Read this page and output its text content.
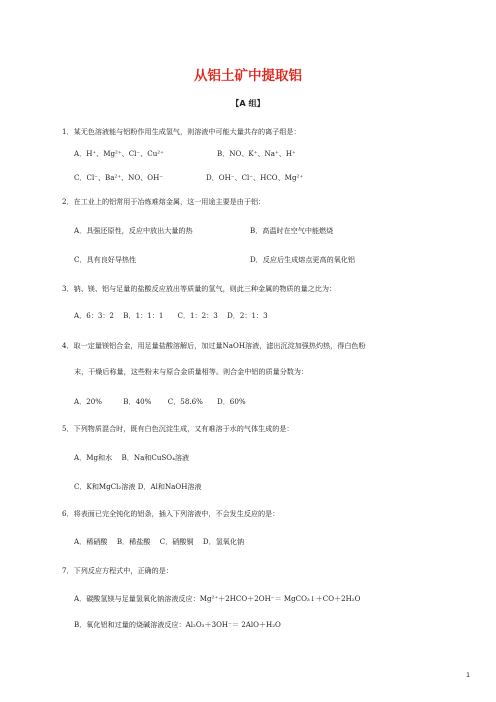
从铝土矿中提取铝
【A 组】
1．某无色溶液能与铝粉作用生成氢气，则溶液中可能大量共存的离子组是：
A．H⁺、Mg²⁺、Cl⁻、Cu²⁺	B．NO、K⁺、Na⁺、H⁺
C．Cl⁻、Ba²⁺、NO、OH⁻	D．OH⁻、Cl⁻、HCO、Mg²⁺
2．在工业上的铝常用于冶炼难熔金属，这一用途主要是由于铝：
A．具强还原性，反应中放出大量的热	B．高温时在空气中能燃烧
C．具有良好导热性	D．反应后生成熔点更高的氧化铝
3．钠、镁、铝与足量的盐酸反应放出等质量的氢气，则此三种金属的物质的量之比为：
A．6：3：2　 B．1：1：1　　C．1：2：3　 D．2：1：3
4．取一定量镁铝合金，用足量盐酸溶解后，加过量NaOH溶液，滤出沉淀加强热灼热，得白色粉
末，干燥后称量，这些粉末与原合金质量相等。则合金中铝的质量分数为：
A．20%　　　B．40%　　 C．58.6%　　D．60%
5．下列物质混合时，既有白色沉淀生成，又有难溶于水的气体生成的是：
A．Mg和水　 B．Na和CuSO₄溶液
C．K和MgCl₂溶液 D．Al和NaOH溶液
6．将表面已完全钝化的铝条，插入下列溶液中，不会发生反应的是：
A．稀硝酸　 B．稀盐酸　 C．硝酸铜　 D．氢氧化钠
7．下列反应方程式中，正确的是：
A．碳酸氢镁与足量氢氧化钠溶液反应：Mg²⁺＋2HCO＋2OH⁻＝ MgCO₃↓＋CO＋2H₂O
B．氧化铝和过量的烧碱溶液反应：Al₂O₃＋3OH⁻＝ 2AlO＋H₂O
1
